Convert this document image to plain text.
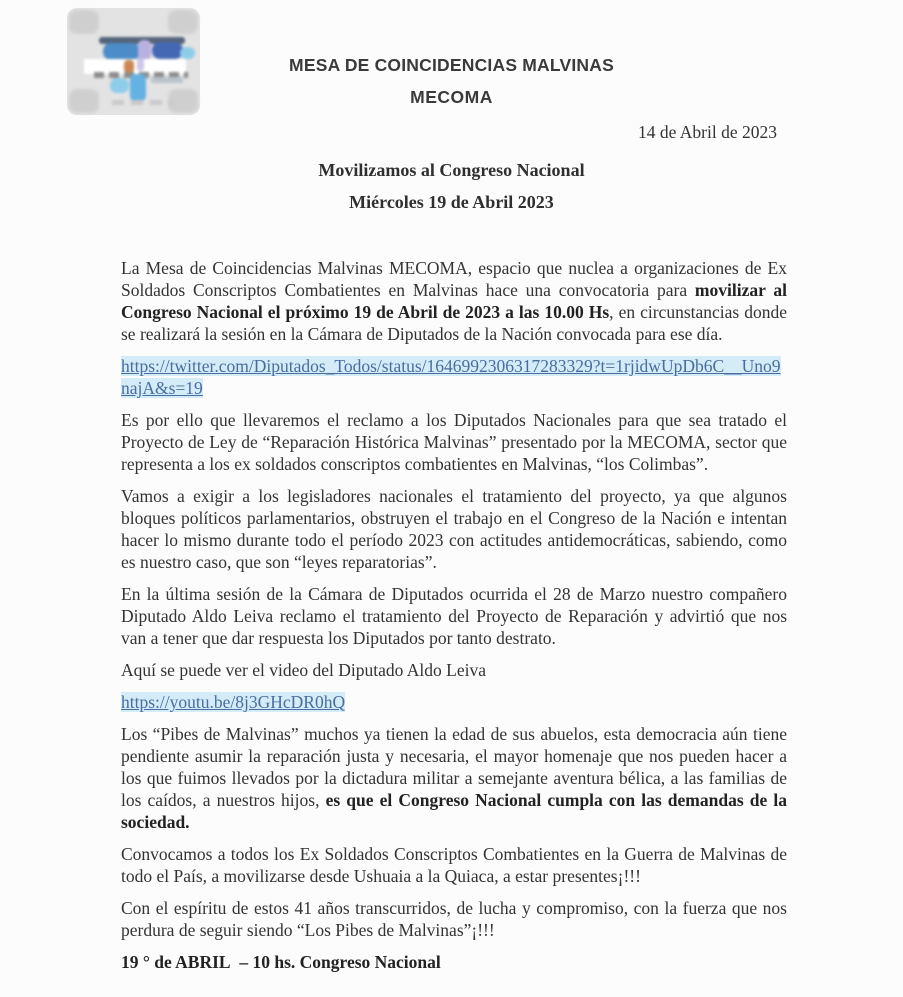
MESA DE COINCIDENCIAS MALVINAS
MECOMA
14 de Abril de 2023
Movilizamos al Congreso Nacional
Miércoles 19 de Abril 2023

La Mesa de Coincidencias Malvinas MECOMA, espacio que nuclea a organizaciones de Ex Soldados Conscriptos Combatientes en Malvinas hace una convocatoria para movilizar al Congreso Nacional el próximo 19 de Abril de 2023 a las 10.00 Hs, en circunstancias donde se realizará la sesión en la Cámara de Diputados de la Nación convocada para ese día.

https://twitter.com/Diputados_Todos/status/1646992306317283329?t=1rjidwUpDb6C__Uno9najA&s=19

Es por ello que llevaremos el reclamo a los Diputados Nacionales para que sea tratado el Proyecto de Ley de “Reparación Histórica Malvinas” presentado por la MECOMA, sector que representa a los ex soldados conscriptos combatientes en Malvinas, “los Colimbas”.

Vamos a exigir a los legisladores nacionales el tratamiento del proyecto, ya que algunos bloques políticos parlamentarios, obstruyen el trabajo en el Congreso de la Nación e intentan hacer lo mismo durante todo el período 2023 con actitudes antidemocráticas, sabiendo, como es nuestro caso, que son “leyes reparatorias”.

En la última sesión de la Cámara de Diputados ocurrida el 28 de Marzo nuestro compañero Diputado Aldo Leiva reclamo el tratamiento del Proyecto de Reparación y advirtió que nos van a tener que dar respuesta los Diputados por tanto destrato.

Aquí se puede ver el video del Diputado Aldo Leiva

https://youtu.be/8j3GHcDR0hQ

Los “Pibes de Malvinas” muchos ya tienen la edad de sus abuelos, esta democracia aún tiene pendiente asumir la reparación justa y necesaria, el mayor homenaje que nos pueden hacer a los que fuimos llevados por la dictadura militar a semejante aventura bélica, a las familias de los caídos, a nuestros hijos, es que el Congreso Nacional cumpla con las demandas de la sociedad.

Convocamos a todos los Ex Soldados Conscriptos Combatientes en la Guerra de Malvinas de todo el País, a movilizarse desde Ushuaia a la Quiaca, a estar presentes¡!!!

Con el espíritu de estos 41 años transcurridos, de lucha y compromiso, con la fuerza que nos perdura de seguir siendo “Los Pibes de Malvinas”¡!!!

19 ° de ABRIL  – 10 hs. Congreso Nacional
